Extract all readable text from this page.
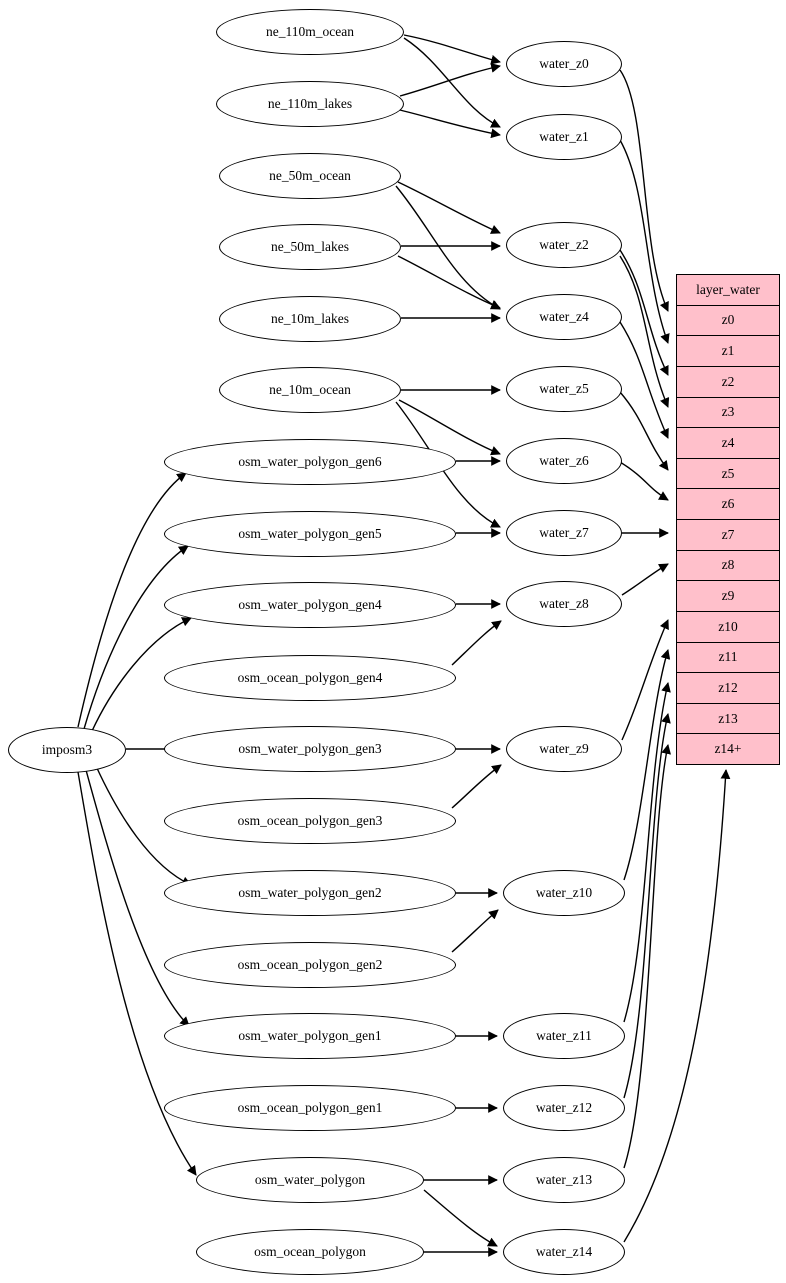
imposm3
ne_110m_ocean
ne_110m_lakes
ne_50m_ocean
ne_50m_lakes
ne_10m_lakes
ne_10m_ocean
osm_water_polygon_gen6
osm_water_polygon_gen5
osm_water_polygon_gen4
osm_ocean_polygon_gen4
osm_water_polygon_gen3
osm_ocean_polygon_gen3
osm_water_polygon_gen2
osm_ocean_polygon_gen2
osm_water_polygon_gen1
osm_ocean_polygon_gen1
osm_water_polygon
osm_ocean_polygon
water_z0
water_z1
water_z2
water_z4
water_z5
water_z6
water_z7
water_z8
water_z9
water_z10
water_z11
water_z12
water_z13
water_z14
layer_water
z0
z1
z2
z3
z4
z5
z6
z7
z8
z9
z10
z11
z12
z13
z14+
